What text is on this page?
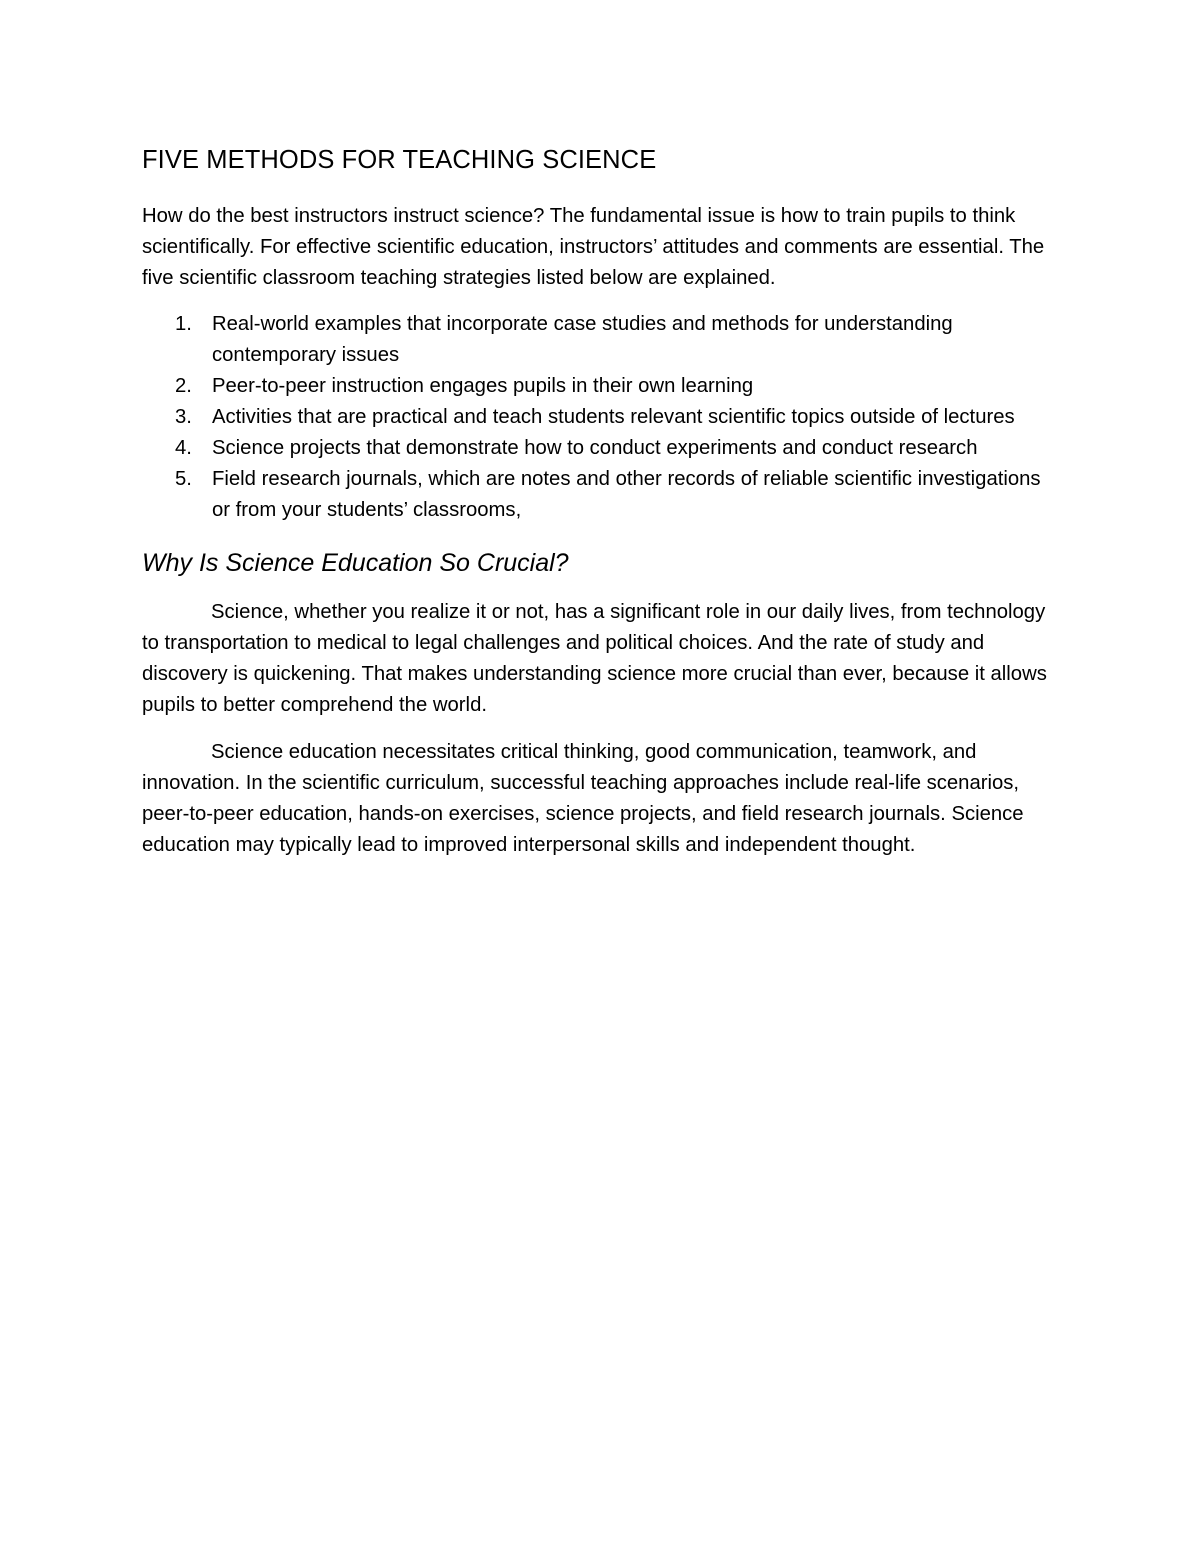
FIVE METHODS FOR TEACHING SCIENCE

How do the best instructors instruct science? The fundamental issue is how to train pupils to think scientifically. For effective scientific education, instructors’ attitudes and comments are essential. The five scientific classroom teaching strategies listed below are explained.

1. Real-world examples that incorporate case studies and methods for understanding contemporary issues
2. Peer-to-peer instruction engages pupils in their own learning
3. Activities that are practical and teach students relevant scientific topics outside of lectures
4. Science projects that demonstrate how to conduct experiments and conduct research
5. Field research journals, which are notes and other records of reliable scientific investigations or from your students’ classrooms,
Why Is Science Education So Crucial?

Science, whether you realize it or not, has a significant role in our daily lives, from technology to transportation to medical to legal challenges and political choices. And the rate of study and discovery is quickening. That makes understanding science more crucial than ever, because it allows pupils to better comprehend the world.

Science education necessitates critical thinking, good communication, teamwork, and innovation. In the scientific curriculum, successful teaching approaches include real-life scenarios, peer-to-peer education, hands-on exercises, science projects, and field research journals. Science education may typically lead to improved interpersonal skills and independent thought.
